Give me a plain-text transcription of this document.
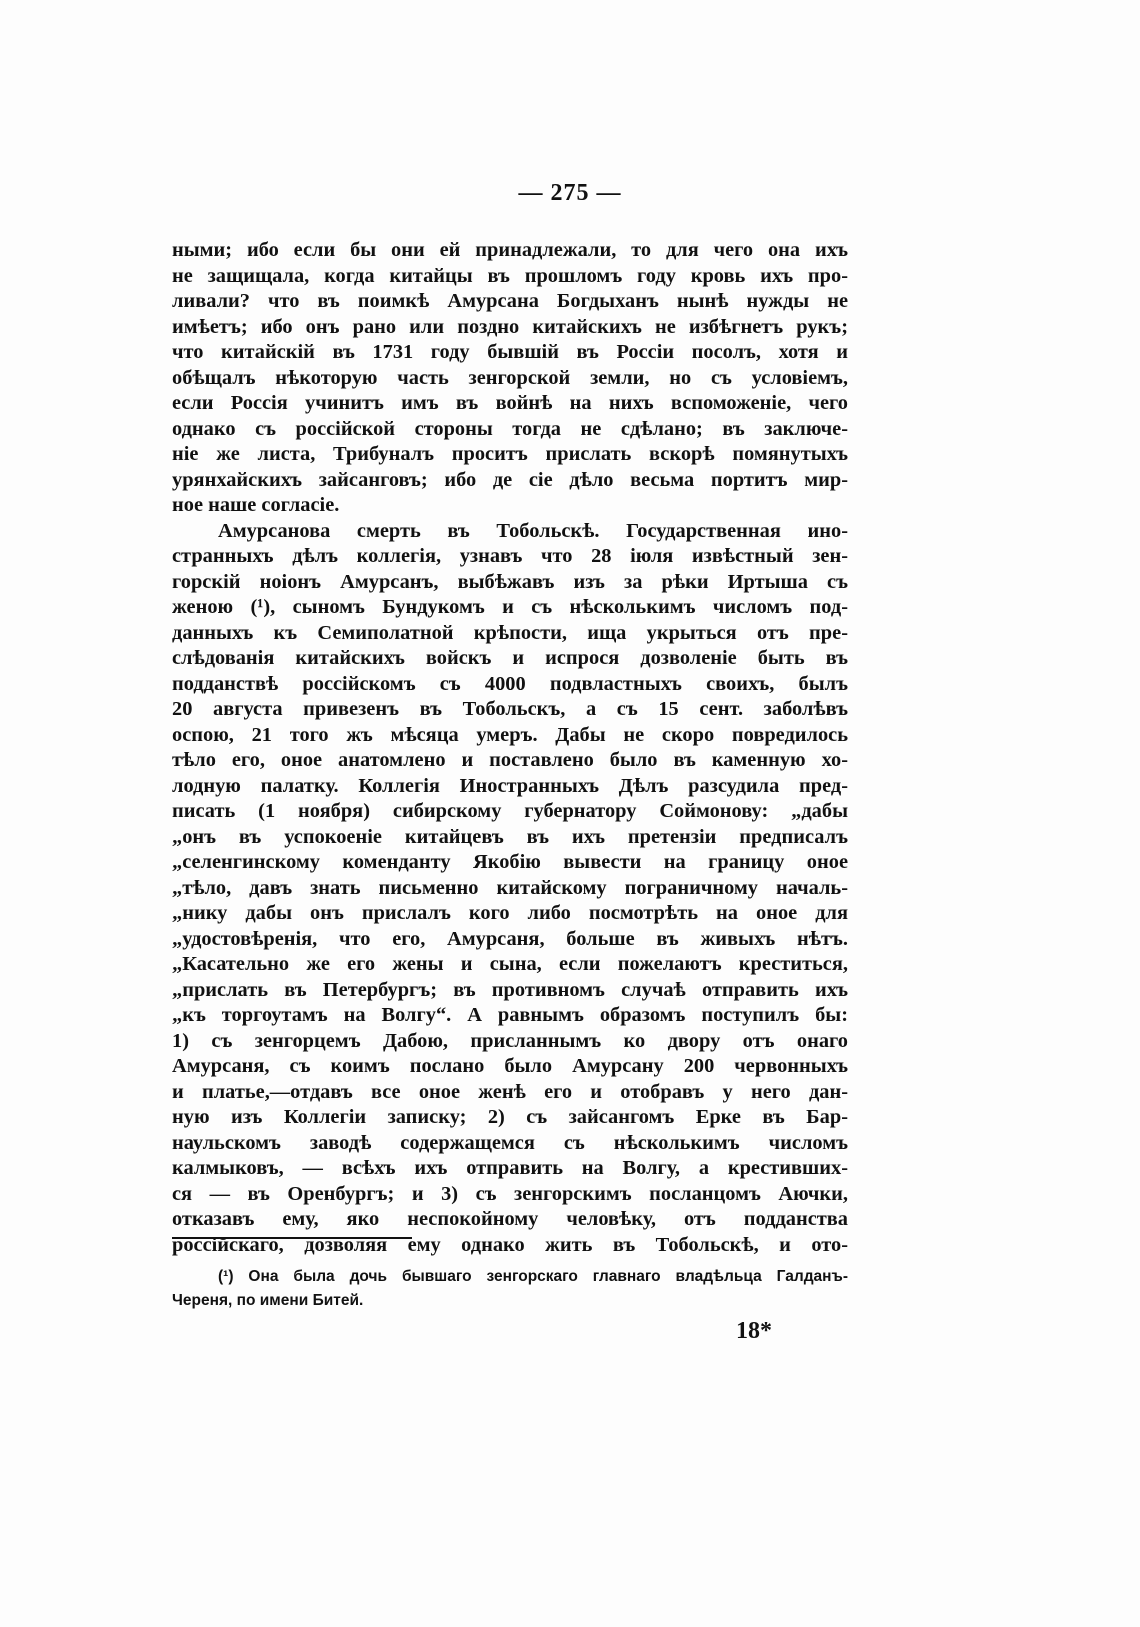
— 275 —
ными; ибо если бы они ей принадлежали, то для чего она ихъ
не защищала, когда китайцы въ прошломъ году кровь ихъ про-
ливали? что въ поимкѣ Амурсана Богдыханъ нынѣ нужды не
имѣетъ; ибо онъ рано или поздно китайскихъ не избѣгнетъ рукъ;
что китайскій въ 1731 году бывшій въ Россіи посолъ, хотя и
обѣщалъ нѣкоторую часть зенгорской земли, но съ условіемъ,
если Россія учинитъ имъ въ войнѣ на нихъ вспоможеніе, чего
однако съ россійской стороны тогда не сдѣлано; въ заключе-
ніе же листа, Трибуналъ проситъ прислать вскорѣ помянутыхъ
урянхайскихъ зайсанговъ; ибо де сіе дѣло весьма портитъ мир-
ное наше согласіе.
Амурсанова смерть въ Тобольскѣ. Государственная ино-
странныхъ дѣлъ коллегія, узнавъ что 28 іюля извѣстный зен-
горскій ноіонъ Амурсанъ, выбѣжавъ изъ за рѣки Иртыша съ
женою (¹), сыномъ Бундукомъ и съ нѣсколькимъ числомъ под-
данныхъ къ Семиполатной крѣпости, ища укрыться отъ пре-
слѣдованія китайскихъ войскъ и испрося дозволеніе быть въ
подданствѣ россійскомъ съ 4000 подвластныхъ своихъ, былъ
20 августа привезенъ въ Тобольскъ, а съ 15 сент. заболѣвъ
оспою, 21 того жъ мѣсяца умеръ. Дабы не скоро повредилось
тѣло его, оное анатомлено и поставлено было въ каменную хо-
лодную палатку. Коллегія Иностранныхъ Дѣлъ разсудила пред-
писать (1 ноября) сибирскому губернатору Соймонову: „дабы
„онъ въ успокоеніе китайцевъ въ ихъ претензіи предписалъ
„селенгинскому коменданту Якобію вывести на границу оное
„тѣло, давъ знать письменно китайскому пограничному началь-
„нику дабы онъ прислалъ кого либо посмотрѣть на оное для
„удостовѣренія, что его, Амурсаня, больше въ живыхъ нѣтъ.
„Касательно же его жены и сына, если пожелаютъ креститься,
„прислать въ Петербургъ; въ противномъ случаѣ отправить ихъ
„къ торгоутамъ на Волгу“. А равнымъ образомъ поступилъ бы:
1) съ зенгорцемъ Дабою, присланнымъ ко двору отъ онаго
Амурсаня, съ коимъ послано было Амурсану 200 червонныхъ
и платье,—отдавъ все оное женѣ его и отобравъ у него дан-
ную изъ Коллегіи записку; 2) съ зайсангомъ Ерке въ Бар-
наульскомъ заводѣ содержащемся съ нѣсколькимъ числомъ
калмыковъ, — всѣхъ ихъ отправить на Волгу, а крестивших-
ся — въ Оренбургъ; и 3) съ зенгорскимъ посланцомъ Аючки,
отказавъ ему, яко неспокойному человѣку, отъ подданства
россійскаго, дозволяя ему однако жить въ Тобольскѣ, и ото-
(¹) Она была дочь бывшаго зенгорскаго главнаго владѣльца Галданъ-
Череня, по имени Битей.
18*
